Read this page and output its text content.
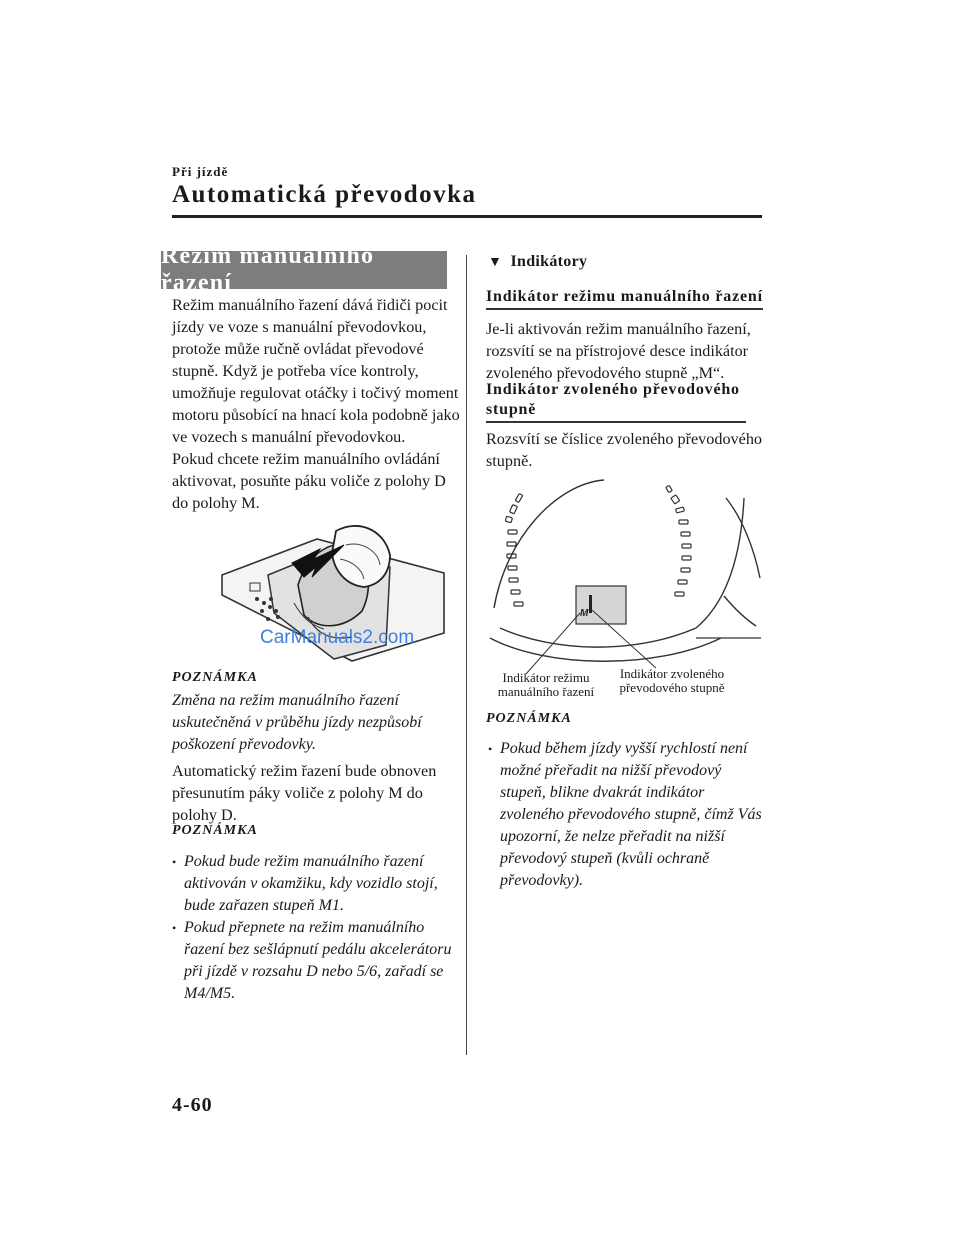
Při jízdě
Automatická převodovka
Režim manuálního řazení
Režim manuálního řazení dává řidiči pocit jízdy ve voze s manuální převodovkou, protože může ručně ovládat převodové stupně. Když je potřeba více kontroly, umožňuje regulovat otáčky i točivý moment motoru působící na hnací kola podobně jako ve vozech s manuální převodovkou.
Pokud chcete režim manuálního ovládání aktivovat, posuňte páku voliče z polohy D do polohy M.
CarManuals2.com
POZNÁMKA
Změna na režim manuálního řazení uskutečněná v průběhu jízdy nezpůsobí poškození převodovky.
Automatický režim řazení bude obnoven přesunutím páky voliče z polohy M do polohy D.
POZNÁMKA
• Pokud bude režim manuálního řazení aktivován v okamžiku, kdy vozidlo stojí, bude zařazen stupeň M1.
• Pokud přepnete na režim manuálního řazení bez sešlápnutí pedálu akcelerátoru při jízdě v rozsahu D nebo 5/6, zařadí se M4/M5.
▼ Indikátory
Indikátor režimu manuálního řazení
Je-li aktivován režim manuálního řazení, rozsvítí se na přístrojové desce indikátor zvoleného převodového stupně „M“.
Indikátor zvoleného převodového stupně
Rozsvítí se číslice zvoleného převodového stupně.
M
Indikátor režimu manuálního řazení
Indikátor zvoleného převodového stupně
POZNÁMKA
• Pokud během jízdy vyšší rychlostí není možné přeřadit na nižší převodový stupeň, blikne dvakrát indikátor zvoleného převodového stupně, čímž Vás upozorní, že nelze přeřadit na nižší převodový stupeň (kvůli ochraně převodovky).
4-60
